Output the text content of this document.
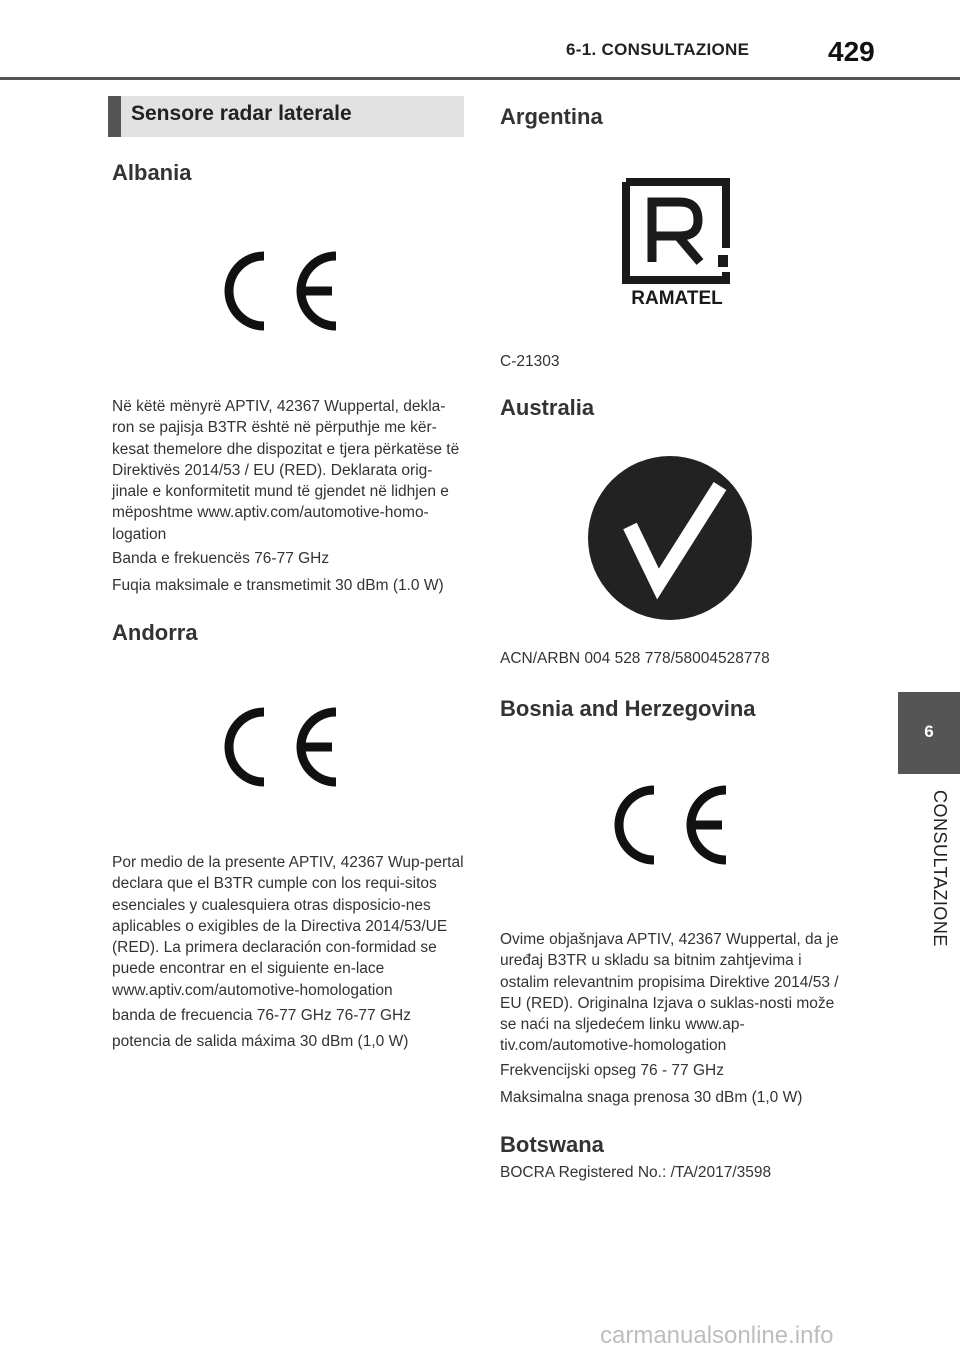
6-1. CONSULTAZIONE	429
Sensore radar laterale
Albania

Në këtë mënyrë APTIV, 42367 Wuppertal, dekla-ron se pajisja B3TR është në përputhje me kër-kesat themelore dhe dispozitat e tjera përkatëse të Direktivës 2014/53 / EU (RED). Deklarata orig-jinale e konformitetit mund të gjendet në lidhjen e mëposhtme www.aptiv.com/automotive-homo-logation

Banda e frekuencës 76-77 GHz

Fuqia maksimale e transmetimit 30 dBm (1.0 W)

Andorra

Por medio de la presente APTIV, 42367 Wup-pertal declara que el B3TR cumple con los requi-sitos esenciales y cualesquiera otras disposicio-nes aplicables o exigibles de la Directiva 2014/53/UE (RED). La primera declaración con-formidad se puede encontrar en el siguiente en-lace www.aptiv.com/automotive-homologation

banda de frecuencia 76-77 GHz 76-77 GHz

potencia de salida máxima 30 dBm (1,0 W)

Argentina
RAMATEL

C-21303

Australia

ACN/ARBN 004 528 778/58004528778

Bosnia and Herzegovina

Ovime objašnjava APTIV, 42367 Wuppertal, da je uređaj B3TR u skladu sa bitnim zahtjevima i ostalim relevantnim propisima Direktive 2014/53 / EU (RED). Originalna Izjava o suklas-nosti može se naći na sljedećem linku www.ap-tiv.com/automotive-homologation

Frekvencijski opseg 76 - 77 GHz

Maksimalna snaga prenosa 30 dBm (1,0 W)

Botswana

BOCRA Registered No.: /TA/2017/3598

6
CONSULTAZIONE
carmanualsonline.info
